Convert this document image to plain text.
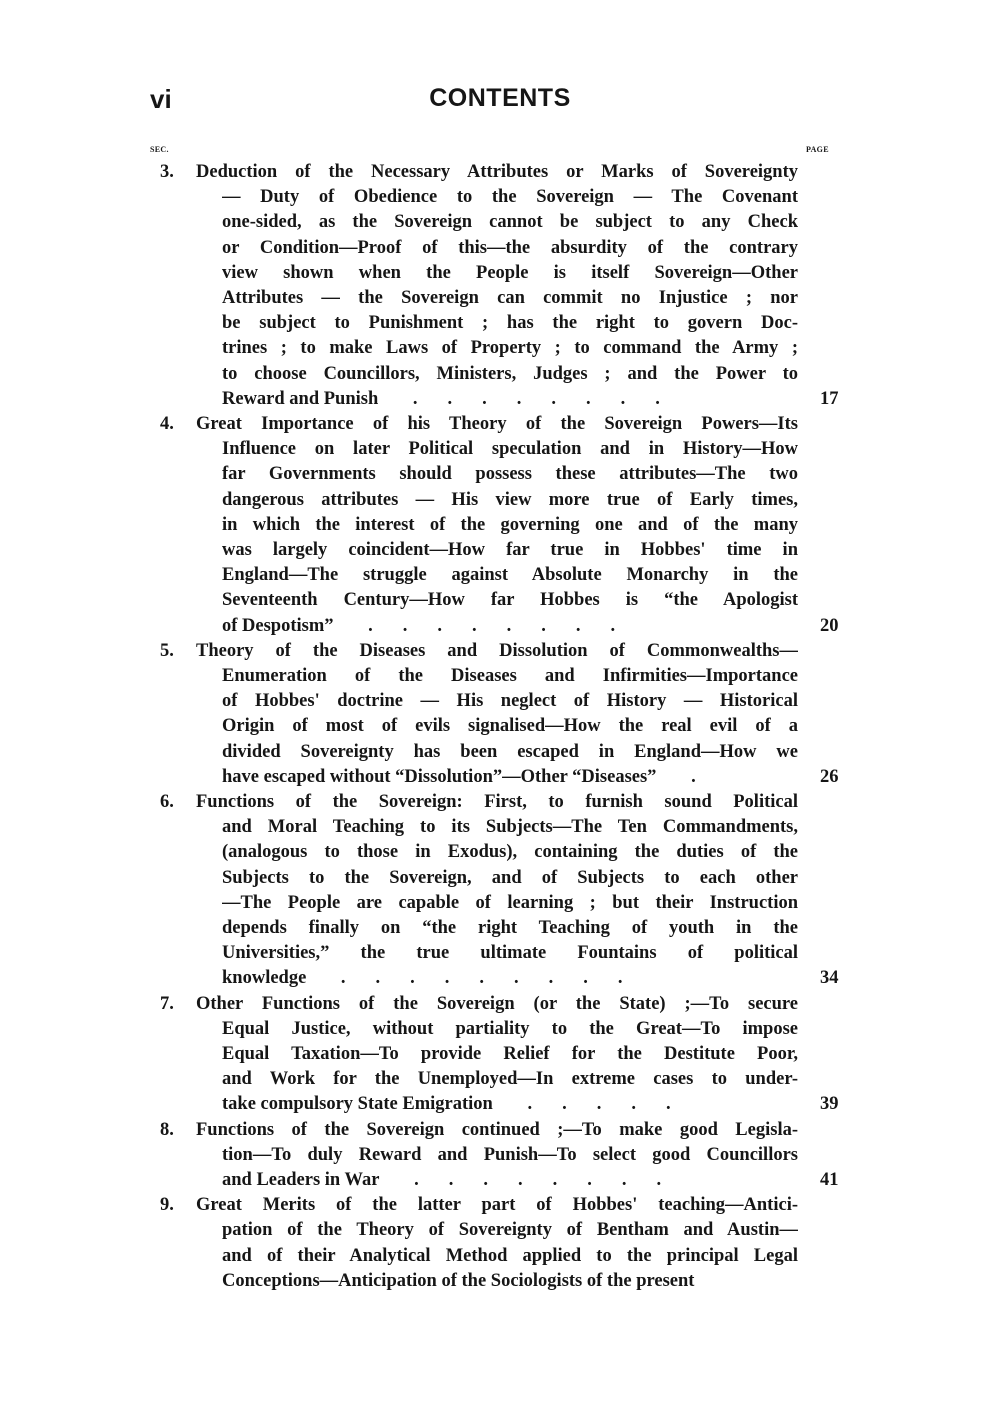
vi	CONTENTS
SEC.	PAGE
3.	Deduction of the Necessary Attributes or Marks of Sovereignty
— Duty of Obedience to the Sovereign — The Covenant
one-sided, as the Sovereign cannot be subject to any Check
or Condition—Proof of this—the absurdity of the contrary
view shown when the People is itself Sovereign—Other
Attributes — the Sovereign can commit no Injustice ; nor
be subject to Punishment ; has the right to govern Doc-
trines ; to make Laws of Property ; to command the Army ;
to choose Councillors, Ministers, Judges ; and the Power to
Reward and Punish ........	17
4.	Great Importance of his Theory of the Sovereign Powers—Its
Influence on later Political speculation and in History—How
far Governments should possess these attributes—The two
dangerous attributes — His view more true of Early times,
in which the interest of the governing one and of the many
was largely coincident—How far true in Hobbes' time in
England—The struggle against Absolute Monarchy in the
Seventeenth Century—How far Hobbes is “the Apologist
of Despotism” ........	20
5.	Theory of the Diseases and Dissolution of Commonwealths—
Enumeration of the Diseases and Infirmities—Importance
of Hobbes' doctrine — His neglect of History — Historical
Origin of most of evils signalised—How the real evil of a
divided Sovereignty has been escaped in England—How we
have escaped without “Dissolution”—Other “Diseases” .	26
6.	Functions of the Sovereign: First, to furnish sound Political
and Moral Teaching to its Subjects—The Ten Commandments,
(analogous to those in Exodus), containing the duties of the
Subjects to the Sovereign, and of Subjects to each other
—The People are capable of learning ; but their Instruction
depends finally on “the right Teaching of youth in the
Universities,” the true ultimate Fountains of political
knowledge .........	34
7.	Other Functions of the Sovereign (or the State) ;—To secure
Equal Justice, without partiality to the Great—To impose
Equal Taxation—To provide Relief for the Destitute Poor,
and Work for the Unemployed—In extreme cases to under-
take compulsory State Emigration .....	39
8.	Functions of the Sovereign continued ;—To make good Legisla-
tion—To duly Reward and Punish—To select good Councillors
and Leaders in War ........	41
9.	Great Merits of the latter part of Hobbes' teaching—Antici-
pation of the Theory of Sovereignty of Bentham and Austin—
and of their Analytical Method applied to the principal Legal
Conceptions—Anticipation of the Sociologists of the present
